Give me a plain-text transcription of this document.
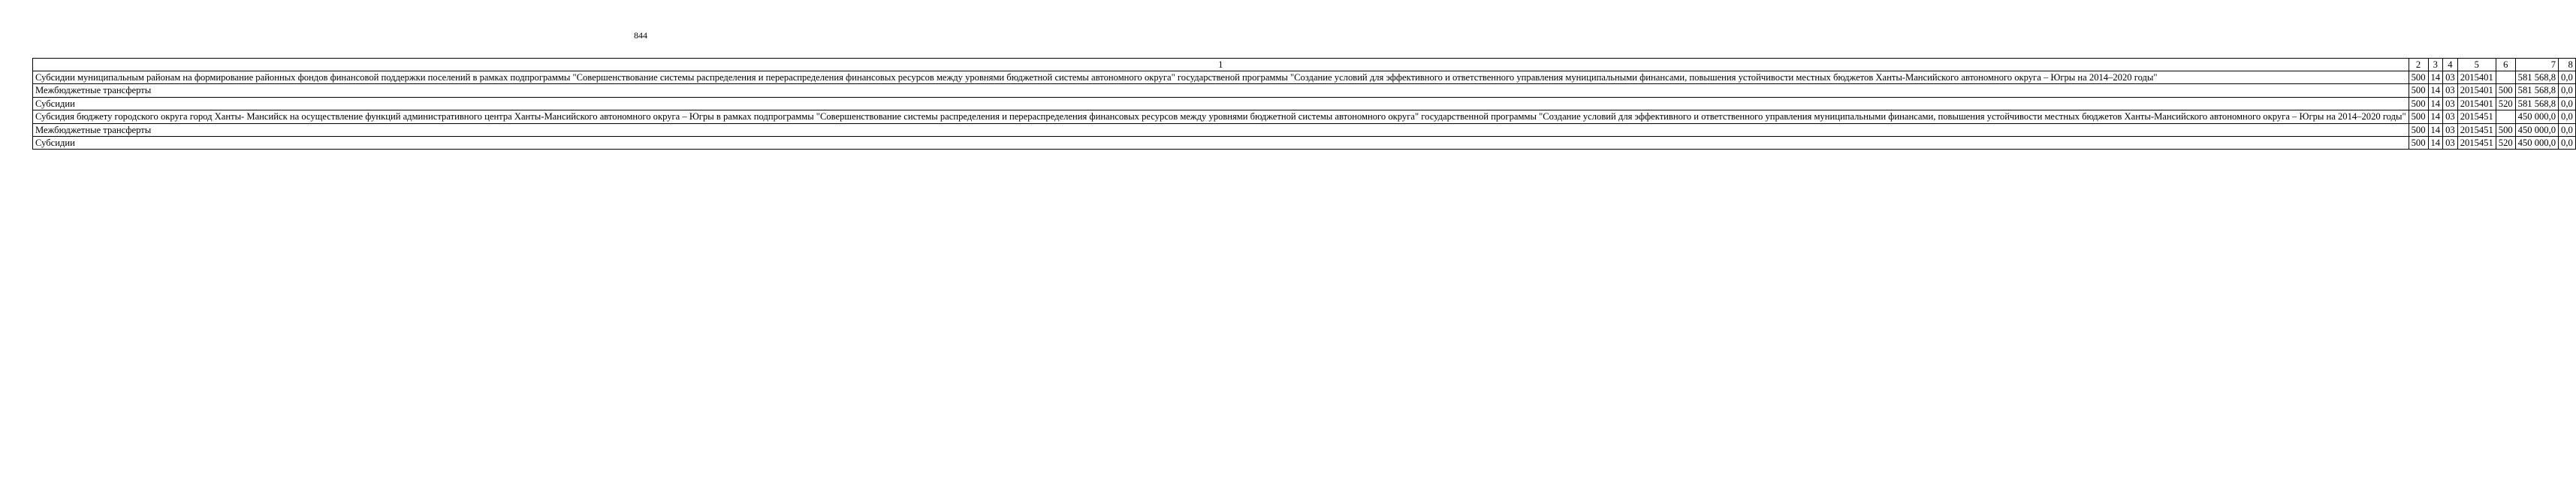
844
1	2	3	4	5	6	7	8
Субсидии муниципальным районам на формирование районных фондов финансовой поддержки поселений в рамках подпрограммы "Совершенствование системы распределения и перераспределения финансовых ресурсов между уровнями бюджетной системы автономного округа" государственой программы "Создание условий для эффективного и ответственного управления муниципальными финансами, повышения устойчивости местных бюджетов Ханты-Мансийского автономного округа – Югры на 2014–2020 годы"	500	14	03	2015401		581 568,8	0,0
Межбюджетные трансферты	500	14	03	2015401	500	581 568,8	0,0
Субсидии	500	14	03	2015401	520	581 568,8	0,0
Субсидия бюджету городского округа город Ханты- Мансийск на осуществление функций административного центра Ханты-Мансийского автономного округа – Югры в рамках подпрограммы "Совершенствование системы распределения и перераспределения финансовых ресурсов между уровнями бюджетной системы автономного округа" государственной программы "Создание условий для эффективного и ответственного управления муниципальными финансами, повышения устойчивости местных бюджетов Ханты-Мансийского автономного округа – Югры на 2014–2020 годы"	500	14	03	2015451		450 000,0	0,0
Межбюджетные трансферты	500	14	03	2015451	500	450 000,0	0,0
Субсидии	500	14	03	2015451	520	450 000,0	0,0
